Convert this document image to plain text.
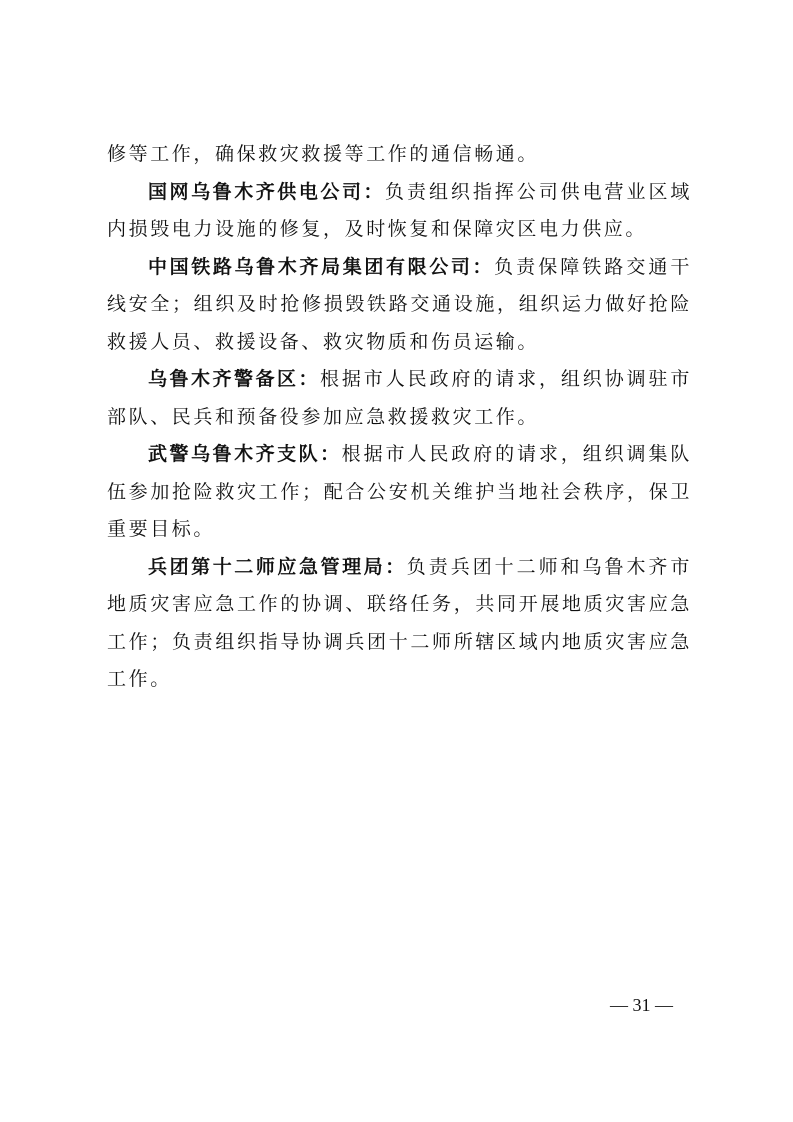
修等工作，确保救灾救援等工作的通信畅通。

国网乌鲁木齐供电公司：负责组织指挥公司供电营业区域内损毁电力设施的修复，及时恢复和保障灾区电力供应。

中国铁路乌鲁木齐局集团有限公司：负责保障铁路交通干线安全；组织及时抢修损毁铁路交通设施，组织运力做好抢险救援人员、救援设备、救灾物质和伤员运输。

乌鲁木齐警备区：根据市人民政府的请求，组织协调驻市部队、民兵和预备役参加应急救援救灾工作。

武警乌鲁木齐支队：根据市人民政府的请求，组织调集队伍参加抢险救灾工作；配合公安机关维护当地社会秩序，保卫重要目标。

兵团第十二师应急管理局：负责兵团十二师和乌鲁木齐市地质灾害应急工作的协调、联络任务，共同开展地质灾害应急工作；负责组织指导协调兵团十二师所辖区域内地质灾害应急工作。

— 31 —
